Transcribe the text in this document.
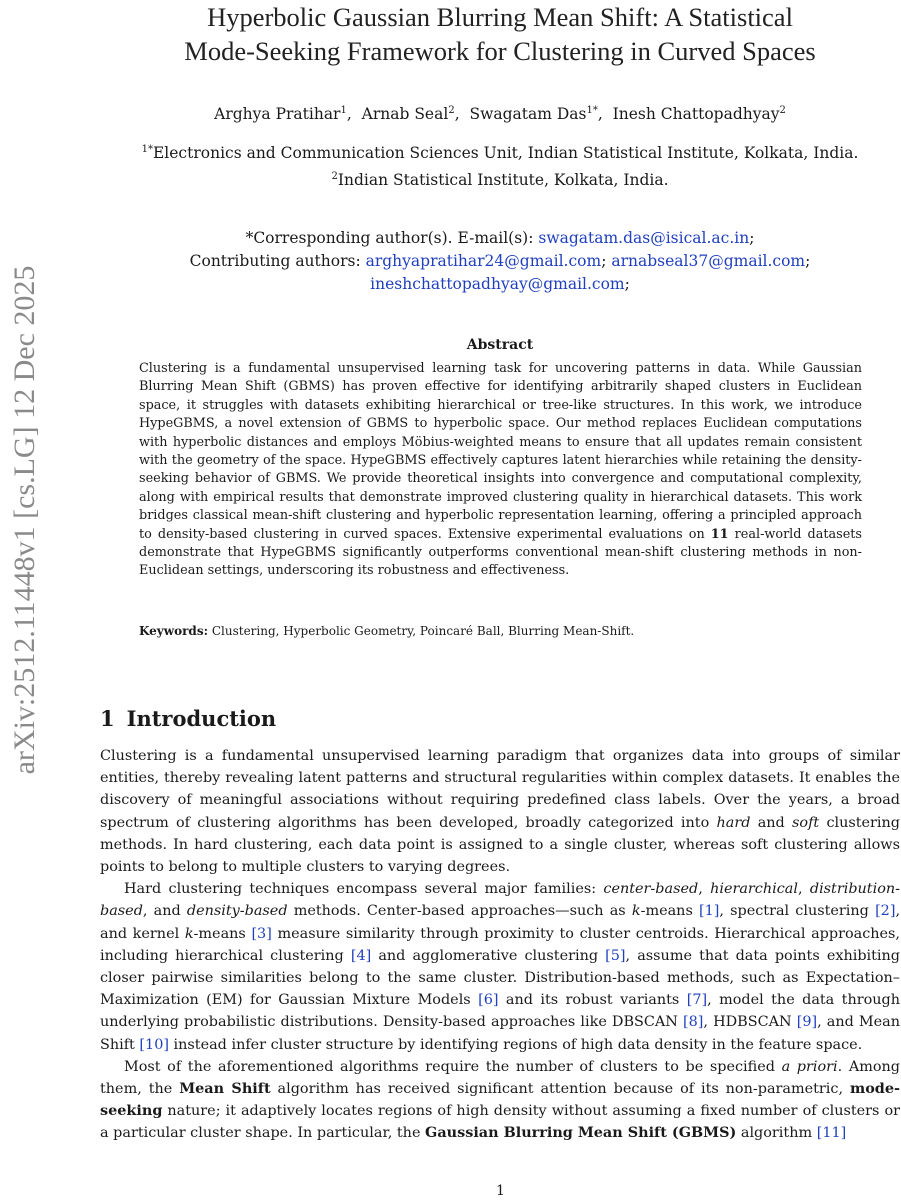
arXiv:2512.11448v1 [cs.LG] 12 Dec 2025
Hyperbolic Gaussian Blurring Mean Shift: A Statistical
Mode-Seeking Framework for Clustering in Curved Spaces
Arghya Pratihar$^1$,  Arnab Seal$^2$,  Swagatam Das$^{1*}$,  Inesh Chattopadhyay$^2$
$^{1*}$Electronics and Communication Sciences Unit, Indian Statistical Institute, Kolkata, India.
$^2$Indian Statistical Institute, Kolkata, India.
*Corresponding author(s). E-mail(s): swagatam.das@isical.ac.in;
Contributing authors: arghyapratihar24@gmail.com; arnabseal37@gmail.com;
ineshchattopadhyay@gmail.com;
Abstract
Clustering is a fundamental unsupervised learning task for uncovering patterns in data. While Gaussian Blurring Mean Shift (GBMS) has proven effective for identifying arbitrarily shaped clusters in Euclidean space, it struggles with datasets exhibiting hierarchical or tree-like structures. In this work, we introduce HypeGBMS, a novel extension of GBMS to hyperbolic space. Our method replaces Euclidean computations with hyperbolic distances and employs Möbius-weighted means to ensure that all updates remain consistent with the geometry of the space. HypeGBMS effectively captures latent hierarchies while retaining the density-seeking behavior of GBMS. We provide theoretical insights into convergence and computational complexity, along with empirical results that demonstrate improved clustering quality in hierarchical datasets. This work bridges classical mean-shift clustering and hyperbolic representation learning, offering a principled approach to density-based clustering in curved spaces. Extensive experimental evaluations on 11 real-world datasets demonstrate that HypeGBMS significantly outperforms conventional mean-shift clustering methods in non-Euclidean settings, underscoring its robustness and effectiveness.
Keywords: Clustering, Hyperbolic Geometry, Poincaré Ball, Blurring Mean-Shift.
1 Introduction

Clustering is a fundamental unsupervised learning paradigm that organizes data into groups of similar entities, thereby revealing latent patterns and structural regularities within complex datasets. It enables the discovery of meaningful associations without requiring predefined class labels. Over the years, a broad spectrum of clustering algorithms has been developed, broadly categorized into hard and soft clustering methods. In hard clustering, each data point is assigned to a single cluster, whereas soft clustering allows points to belong to multiple clusters to varying degrees.

Hard clustering techniques encompass several major families: center-based, hierarchical, distribution-based, and density-based methods. Center-based approaches—such as k-means [1], spectral clustering [2], and kernel k-means [3] measure similarity through proximity to cluster centroids. Hierarchical approaches, including hierarchical clustering [4] and agglomerative clustering [5], assume that data points exhibiting closer pairwise similarities belong to the same cluster. Distribution-based methods, such as Expectation–Maximization (EM) for Gaussian Mixture Models [6] and its robust variants [7], model the data through underlying probabilistic distributions. Density-based approaches like DBSCAN [8], HDBSCAN [9], and Mean Shift [10] instead infer cluster structure by identifying regions of high data density in the feature space.

Most of the aforementioned algorithms require the number of clusters to be specified a priori. Among them, the Mean Shift algorithm has received significant attention because of its non-parametric, mode-seeking nature; it adaptively locates regions of high density without assuming a fixed number of clusters or a particular cluster shape. In particular, the Gaussian Blurring Mean Shift (GBMS) algorithm [11]

1
